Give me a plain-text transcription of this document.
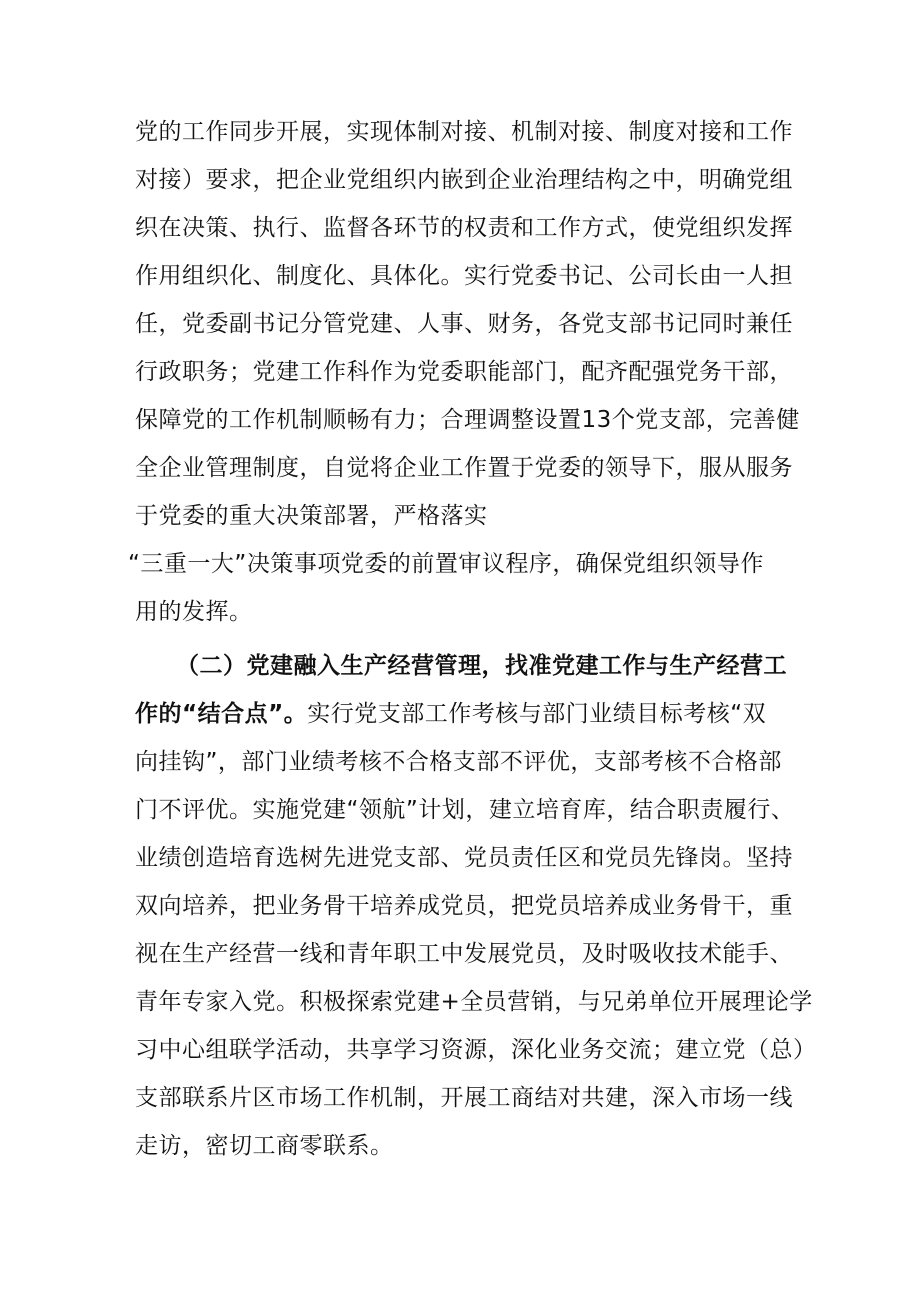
党的工作同步开展，实现体制对接、机制对接、制度对接和工作
对接）要求，把企业党组织内嵌到企业治理结构之中，明确党组
织在决策、执行、监督各环节的权责和工作方式，使党组织发挥
作用组织化、制度化、具体化。实行党委书记、公司长由一人担
任，党委副书记分管党建、人事、财务，各党支部书记同时兼任
行政职务；党建工作科作为党委职能部门，配齐配强党务干部，
保障党的工作机制顺畅有力；合理调整设置13个党支部，完善健
全企业管理制度，自觉将企业工作置于党委的领导下，服从服务
于党委的重大决策部署，严格落实
“三重一大”决策事项党委的前置审议程序，确保党组织领导作
用的发挥。
（二）党建融入生产经营管理，找准党建工作与生产经营工
作的“结合点”。实行党支部工作考核与部门业绩目标考核“双
向挂钩”，部门业绩考核不合格支部不评优，支部考核不合格部
门不评优。实施党建“领航”计划，建立培育库，结合职责履行、
业绩创造培育选树先进党支部、党员责任区和党员先锋岗。坚持
双向培养，把业务骨干培养成党员，把党员培养成业务骨干，重
视在生产经营一线和青年职工中发展党员，及时吸收技术能手、
青年专家入党。积极探索党建+全员营销，与兄弟单位开展理论学
习中心组联学活动，共享学习资源，深化业务交流；建立党（总）
支部联系片区市场工作机制，开展工商结对共建，深入市场一线
走访，密切工商零联系。
